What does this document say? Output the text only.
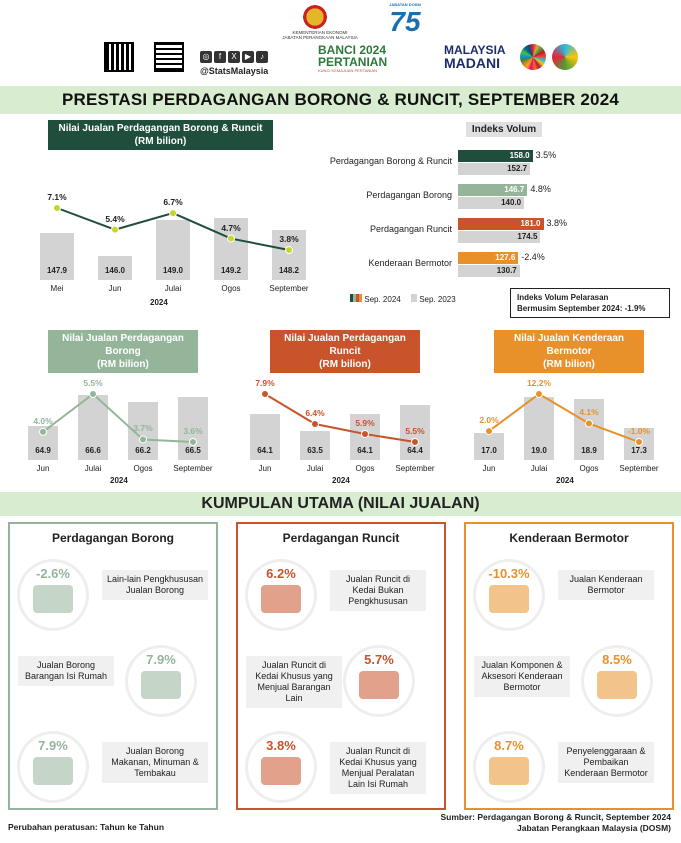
KEMENTERIAN EKONOMI
JABATAN PERANGKAAN MALAYSIA
JABATAN DOSM
75
◎ f X ▶ ♪
@StatsMalaysia
BANCI 2024
PERTANIAN
KUNCI KEMAJUAN PERTANIAN
MALAYSIA
MADANI
PRESTASI PERDAGANGAN BORONG & RUNCIT, SEPTEMBER 2024
Nilai Jualan Perdagangan Borong & Runcit
(RM bilion)
147.9
Mei
7.1%
146.0
Jun
5.4%
149.0
Julai
6.7%
149.2
Ogos
4.7%
148.2
September
3.8%
2024
Indeks Volum
Perdagangan Borong & Runcit
158.0
152.7
3.5%
Perdagangan Borong
146.7
140.0
4.8%
Perdagangan Runcit
181.0
174.5
3.8%
Kenderaan Bermotor
127.6
130.7
-2.4%
Sep. 2024 Sep. 2023	Indeks Volum Pelarasan
Bermusim September 2024: -1.9%
Nilai Jualan Perdagangan Borong
(RM bilion)
64.9
Jun
4.0%
66.6
Julai
5.5%
66.2
Ogos
3.7%
66.5
September
3.6%
2024
Nilai Jualan Perdagangan Runcit
(RM bilion)
64.1
Jun
7.9%
63.5
Julai
6.4%
64.1
Ogos
5.9%
64.4
September
5.5%
2024
Nilai Jualan Kenderaan Bermotor
(RM bilion)
17.0
Jun
2.0%
19.0
Julai
12.2%
18.9
Ogos
4.1%
17.3
September
-1.0%
2024
KUMPULAN UTAMA (NILAI JUALAN)
Perdagangan Borong
-2.6%	Lain-lain Pengkhususan Jualan Borong
7.9%
Jualan Borong Barangan Isi Rumah
7.9%	Jualan Borong Makanan, Minuman & Tembakau
Perdagangan Runcit
6.2%	Jualan Runcit di Kedai Bukan Pengkhususan
5.7%
Jualan Runcit di Kedai Khusus yang Menjual Barangan Lain
3.8%	Jualan Runcit di Kedai Khusus yang Menjual Peralatan Lain Isi Rumah
Kenderaan Bermotor
-10.3%	Jualan Kenderaan Bermotor
8.5%
Jualan Komponen & Aksesori Kenderaan Bermotor
8.7%	Penyelenggaraan & Pembaikan Kenderaan Bermotor
Perubahan peratusan: Tahun ke Tahun
Sumber: Perdagangan Borong & Runcit, September 2024
Jabatan Perangkaan Malaysia (DOSM)
